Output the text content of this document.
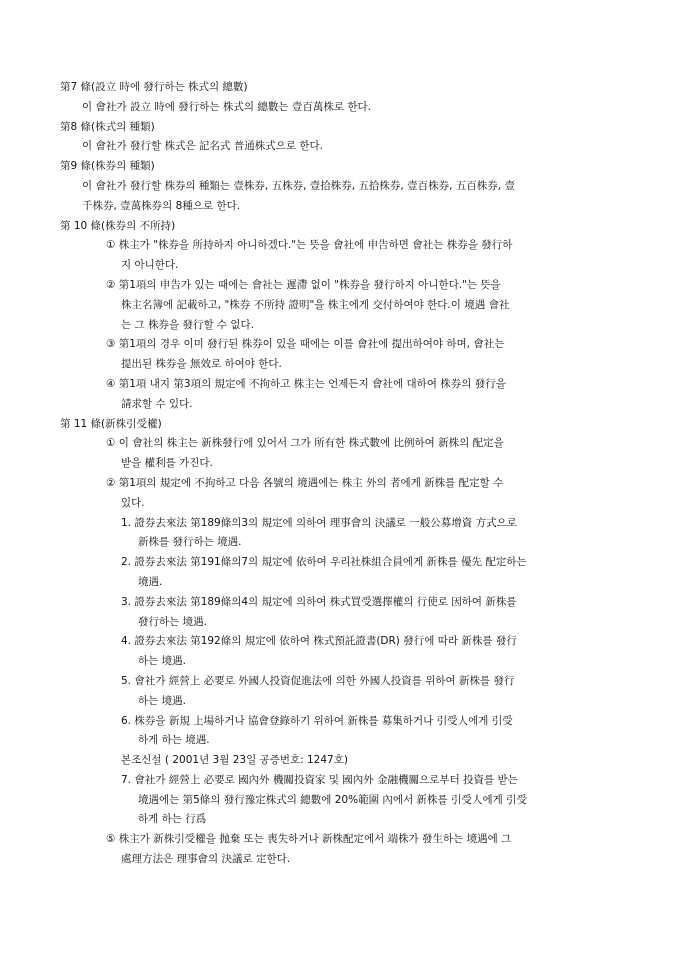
第7 條(設立 時에 發行하는 株式의 總數)
이 會社가 設立 時에 發行하는 株式의 總數는 壹百萬株로 한다.
第8 條(株式의 種類)
이 會社가 發行할 株式은 記名式 普通株式으로 한다.
第9 條(株券의 種類)
이 會社가 發行할 株券의 種類는 壹株券, 五株券, 壹拾株券, 五拾株券, 壹百株券, 五百株券, 壹
千株券, 壹萬株券의 8種으로 한다.
第 10 條(株券의 不所持)
① 株主가 "株券을 所持하지 아니하겠다."는 뜻을 會社에 申告하면 會社는 株券을 發行하
지 아니한다.
② 第1項의 申告가 있는 때에는 會社는 遲滯 없이 "株券을 發行하지 아니한다."는 뜻을
株主名簿에 記載하고, "株券 不所持 證明"을 株主에게 交付하여야 한다.이 境遇 會社
는 그 株券을 發行할 수 없다.
③ 第1項의 경우 이미 發行된 株券이 있을 때에는 이를 會社에 提出하여야 하며, 會社는
提出된 株券을 無效로 하여야 한다.
④ 第1項 내지 第3項의 規定에 不拘하고 株主는 언제든지 會社에 대하여 株券의 發行을
請求할 수 있다.
第 11 條(新株引受權)
① 이 會社의 株主는 新株發行에 있어서 그가 所有한 株式數에 比例하여 新株의 配定을
받을 權利를 가진다.
② 第1項의 規定에 不拘하고 다음 各號의 境遇에는 株主 外의 者에게 新株를 配定할 수
있다.
1. 證券去來法 第189條의3의 規定에 의하여 理事會의 決議로 一般公募增資 方式으로
新株를 發行하는 境遇.
2. 證券去來法 第191條의7의 規定에 依하여 우리社株組合員에게 新株를 優先 配定하는
境遇.
3. 證券去來法 第189條의4의 規定에 의하여 株式買受選擇權의 行使로 因하여 新株를
發行하는 境遇.
4. 證券去來法 第192條의 規定에 依하여 株式預託證書(DR) 發行에 따라 新株를 發行
하는 境遇.
5. 會社가 經營上 必要로 外國人投資促進法에 의한 外國人投資를 위하여 新株를 發行
하는 境遇.
6. 株券을 新規 上場하거나 協會登錄하기 위하여 新株를 募集하거나 引受人에게 引受
하게 하는 境遇.
본조신설 ( 2001년 3월 23일 공증번호: 1247호)
7. 會社가 經營上 必要로 國內外 機關投資家 및 國內外 金融機關으로부터 投資를 받는
境遇에는 第5條의 發行豫定株式의 總數에 20%範圍 內에서 新株를 引受人에게 引受
하게 하는 行爲
⑤ 株主가 新株引受權을 抛棄 또는 喪失하거나 新株配定에서 端株가 發生하는 境遇에 그
處理方法은 理事會의 決議로 定한다.
